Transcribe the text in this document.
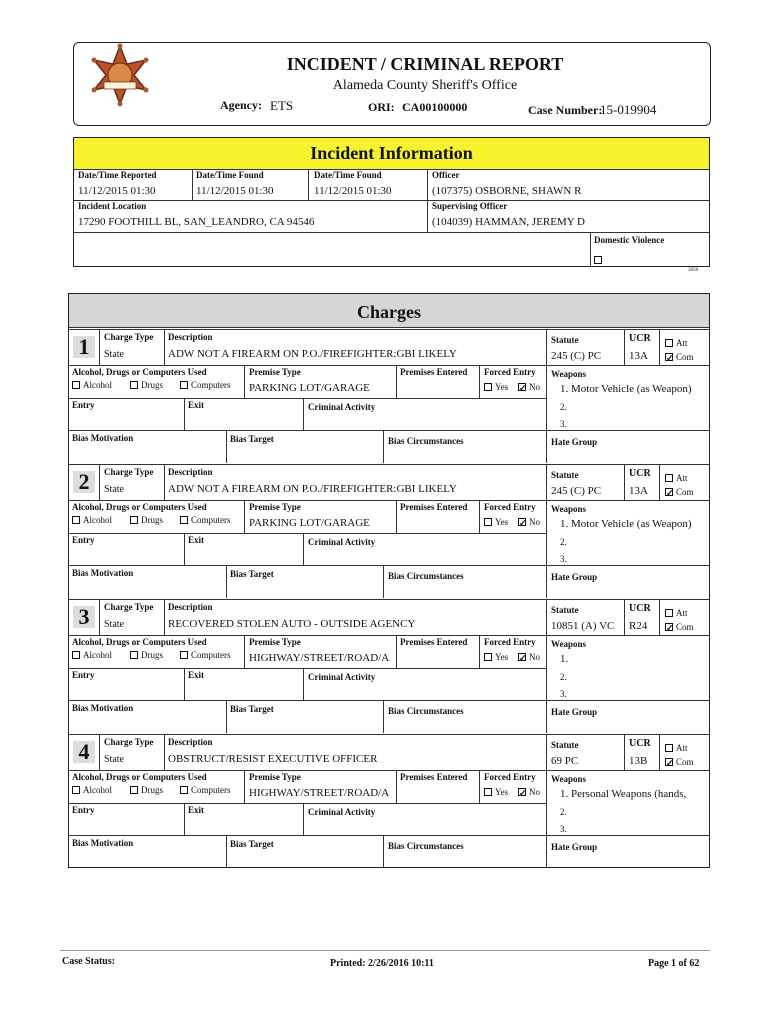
INCIDENT / CRIMINAL REPORT
Alameda County Sheriff's Office
Agency: ETS	ORI: CA00100000	Case Number:
15-019904
Incident Information
Date/Time Reported
11/12/2015 01:30
Date/Time Found
11/12/2015 01:30
Date/Time Found
11/12/2015 01:30
Officer
(107375) OSBORNE, SHAWN R
Incident Location
17290 FOOTHILL BL, SAN_LEANDRO, CA 94546
Supervising Officer
(104039) HAMMAN, JEREMY D
Domestic Violence
3058
Charges
1	Charge Type
State
Description
ADW NOT A FIREARM ON P.O./FIREFIGHTER:GBI LIKELY
Statute
245 (C) PC
UCR
13A
Att
✓Com
Alcohol, Drugs or Computers Used
Alcohol	Drugs	Computers
Premise Type
PARKING LOT/GARAGE
Premises Entered Forced Entry
Yes ✓	No
Weapons
1. Motor Vehicle (as Weapon)
2.
3.
Entry	Exit	Criminal Activity
Bias Motivation	Bias Target	Bias Circumstances	Hate Group
2	Charge Type
State
Description
ADW NOT A FIREARM ON P.O./FIREFIGHTER:GBI LIKELY
Statute
245 (C) PC
UCR
13A
Att
✓Com
Alcohol, Drugs or Computers Used
Alcohol	Drugs	Computers
Premise Type
PARKING LOT/GARAGE
Premises Entered Forced Entry
Yes ✓	No
Weapons
1. Motor Vehicle (as Weapon)
2.
3.
Entry	Exit	Criminal Activity
Bias Motivation	Bias Target	Bias Circumstances	Hate Group
3	Charge Type
State
Description
RECOVERED STOLEN AUTO - OUTSIDE AGENCY
Statute
10851 (A) VC
UCR
R24
Att
✓Com
Alcohol, Drugs or Computers Used
Alcohol	Drugs	Computers
Premise Type
HIGHWAY/STREET/ROAD/A
Premises Entered Forced Entry
Yes ✓	No
Weapons
1.
2.
3.
Entry	Exit	Criminal Activity
Bias Motivation	Bias Target	Bias Circumstances	Hate Group
4	Charge Type
State
Description
OBSTRUCT/RESIST EXECUTIVE OFFICER
Statute
69 PC
UCR
13B
Att
✓Com
Alcohol, Drugs or Computers Used
Alcohol	Drugs	Computers
Premise Type
HIGHWAY/STREET/ROAD/A
Premises Entered Forced Entry
Yes ✓	No
Weapons
1. Personal Weapons (hands,
2.
3.
Entry	Exit	Criminal Activity
Bias Motivation	Bias Target	Bias Circumstances	Hate Group
Case Status:	Printed: 2/26/2016 10:11	Page 1 of 62
